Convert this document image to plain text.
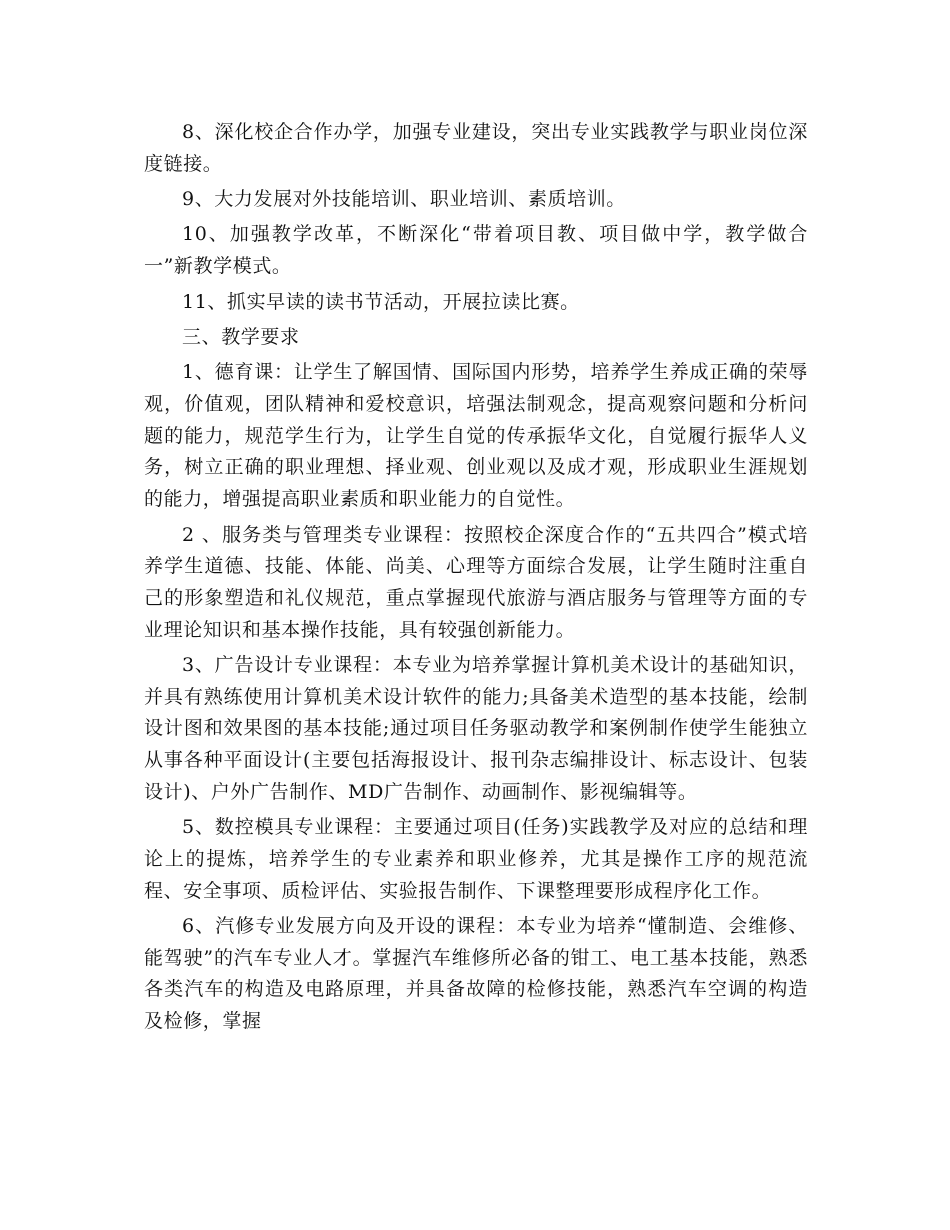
8、深化校企合作办学，加强专业建设，突出专业实践教学与职业岗位深度链接。

9、大力发展对外技能培训、职业培训、素质培训。

10、加强教学改革，不断深化“带着项目教、项目做中学，教学做合一”新教学模式。

11、抓实早读的读书节活动，开展拉读比赛。

三、教学要求

1、德育课：让学生了解国情、国际国内形势，培养学生养成正确的荣辱观，价值观，团队精神和爱校意识，培强法制观念，提高观察问题和分析问题的能力，规范学生行为，让学生自觉的传承振华文化，自觉履行振华人义务，树立正确的职业理想、择业观、创业观以及成才观，形成职业生涯规划的能力，增强提高职业素质和职业能力的自觉性。

2 、服务类与管理类专业课程：按照校企深度合作的“五共四合”模式培养学生道德、技能、体能、尚美、心理等方面综合发展，让学生随时注重自己的形象塑造和礼仪规范，重点掌握现代旅游与酒店服务与管理等方面的专业理论知识和基本操作技能，具有较强创新能力。

3、广告设计专业课程：本专业为培养掌握计算机美术设计的基础知识，并具有熟练使用计算机美术设计软件的能力;具备美术造型的基本技能，绘制设计图和效果图的基本技能;通过项目任务驱动教学和案例制作使学生能独立从事各种平面设计(主要包括海报设计、报刊杂志编排设计、标志设计、包装设计)、户外广告制作、MD广告制作、动画制作、影视编辑等。

5、数控模具专业课程：主要通过项目(任务)实践教学及对应的总结和理论上的提炼，培养学生的专业素养和职业修养，尤其是操作工序的规范流程、安全事项、质检评估、实验报告制作、下课整理要形成程序化工作。

6、汽修专业发展方向及开设的课程：本专业为培养“懂制造、会维修、能驾驶”的汽车专业人才。掌握汽车维修所必备的钳工、电工基本技能，熟悉各类汽车的构造及电路原理，并具备故障的检修技能，熟悉汽车空调的构造及检修，掌握
